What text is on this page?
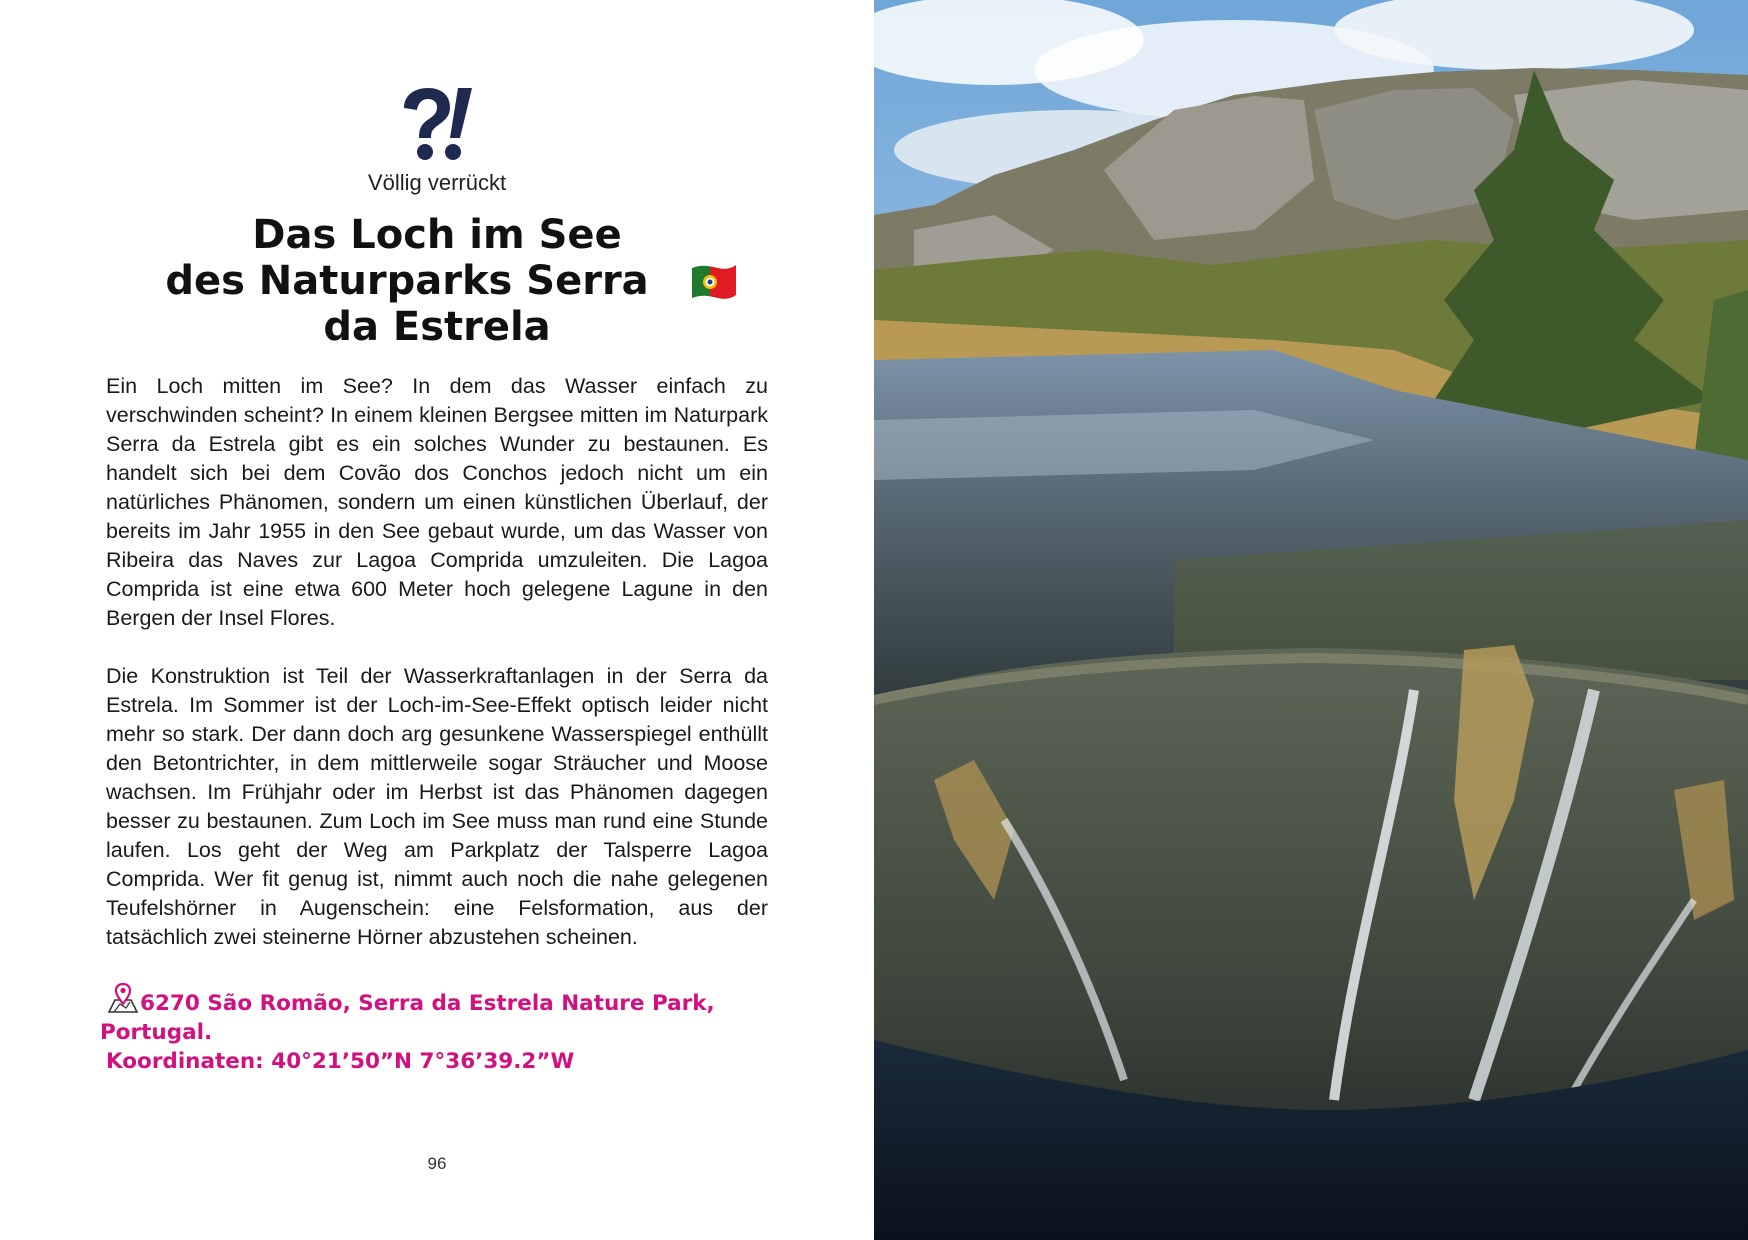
Völlig verrückt
Das Loch im See
des Naturparks Serra
da Estrela

Ein Loch mitten im See? In dem das Wasser einfach zu verschwinden scheint? In einem kleinen Bergsee mitten im Naturpark Serra da Estrela gibt es ein solches Wunder zu bestaunen. Es handelt sich bei dem Covão dos Conchos jedoch nicht um ein natürliches Phänomen, sondern um einen künstlichen Überlauf, der bereits im Jahr 1955 in den See gebaut wurde, um das Wasser von Ribeira das Naves zur Lagoa Comprida umzuleiten. Die Lagoa Comprida ist eine etwa 600 Meter hoch gelegene Lagune in den Bergen der Insel Flores.

Die Konstruktion ist Teil der Wasserkraftanlagen in der Serra da Estrela. Im Sommer ist der Loch-im-See-Effekt optisch leider nicht mehr so stark. Der dann doch arg gesunkene Wasserspiegel enthüllt den Betontrichter, in dem mittlerweile sogar Sträucher und Moose wachsen. Im Frühjahr oder im Herbst ist das Phänomen dagegen besser zu bestaunen. Zum Loch im See muss man rund eine Stunde laufen. Los geht der Weg am Parkplatz der Talsperre Lagoa Comprida. Wer fit genug ist, nimmt auch noch die nahe gelegenen Teufelshörner in Augenschein: eine Felsformation, aus der tatsächlich zwei steinerne Hörner abzustehen scheinen.

6270 São Romão, Serra da Estrela Nature Park, Portugal.
Koordinaten: 40°21’50”N 7°36’39.2”W
96
